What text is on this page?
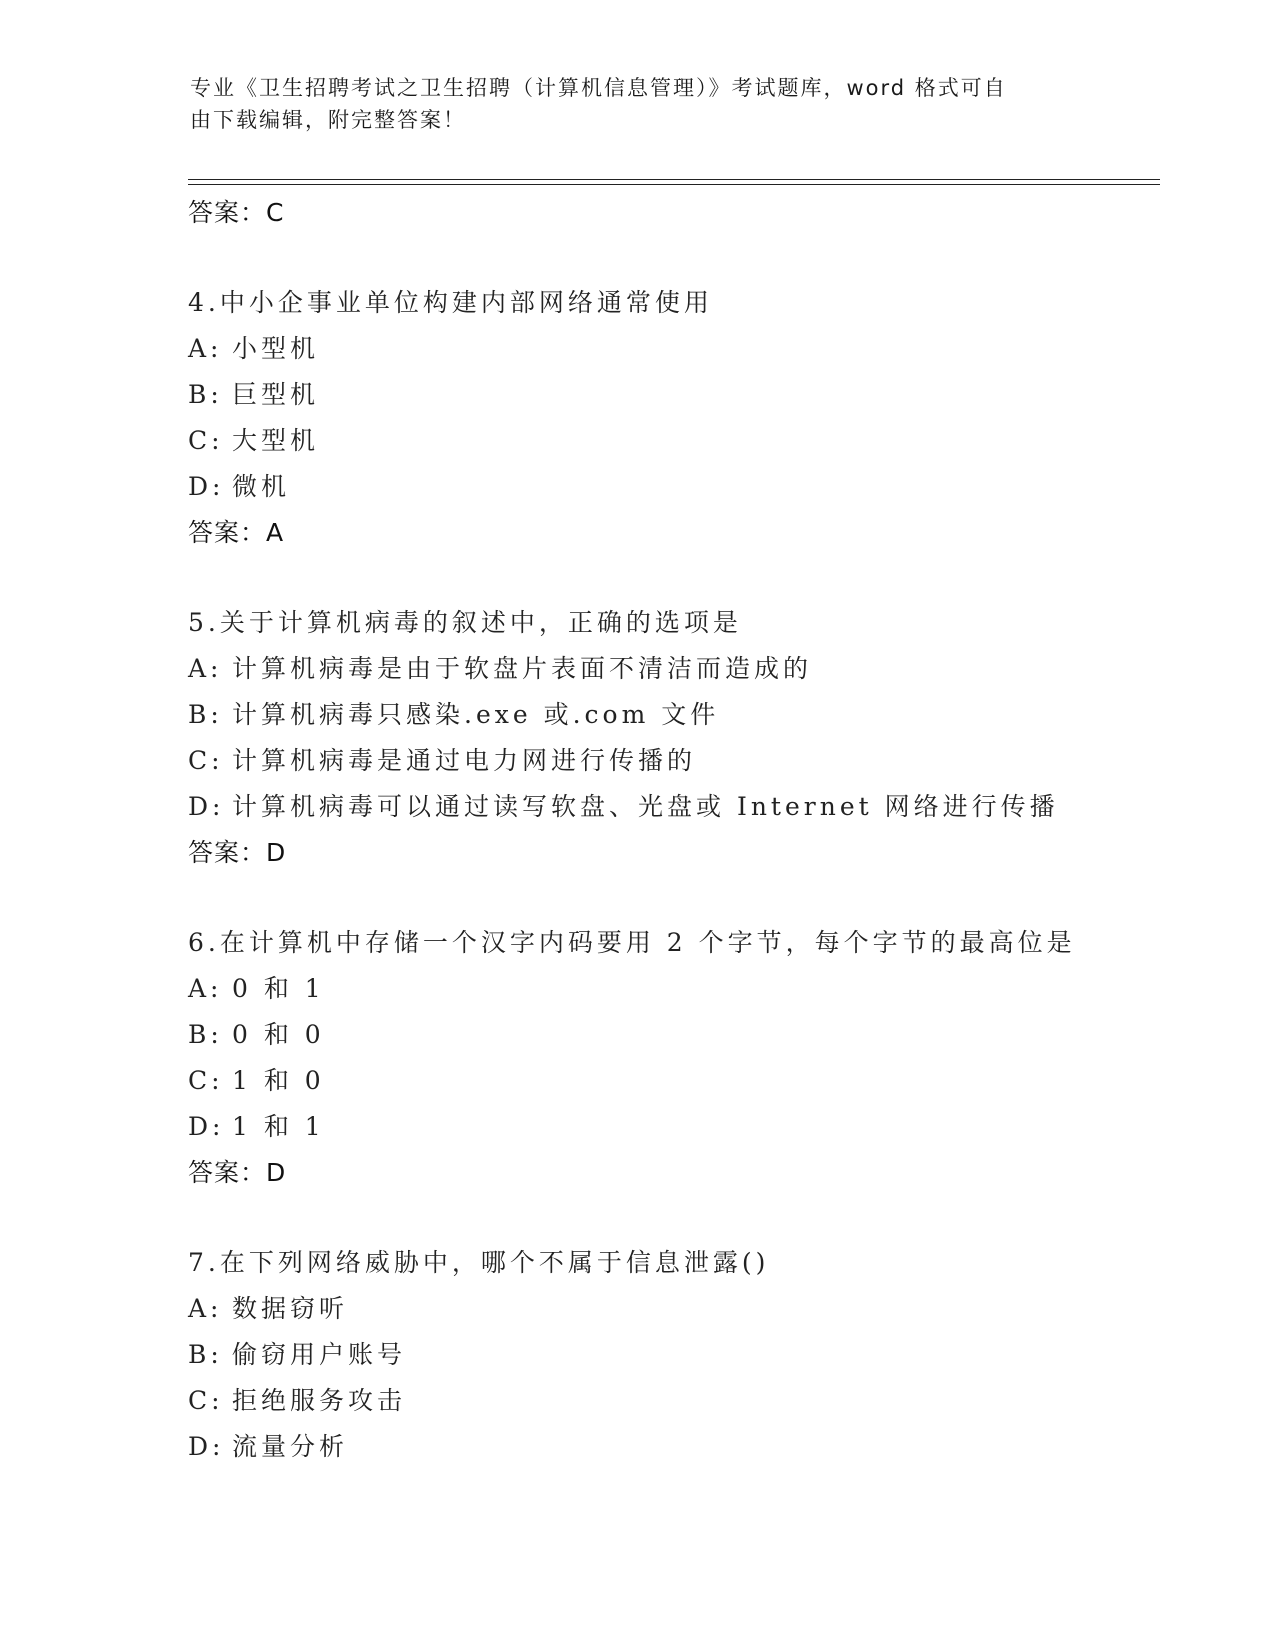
专业《卫生招聘考试之卫生招聘（计算机信息管理）》考试题库，word 格式可自
由下载编辑，附完整答案！
答案：C
4.中小企事业单位构建内部网络通常使用
A: 小型机
B: 巨型机
C: 大型机
D: 微机
答案：A
5.关于计算机病毒的叙述中，正确的选项是
A: 计算机病毒是由于软盘片表面不清洁而造成的
B: 计算机病毒只感染.exe 或.com 文件
C: 计算机病毒是通过电力网进行传播的
D: 计算机病毒可以通过读写软盘、光盘或 Internet 网络进行传播
答案：D
6.在计算机中存储一个汉字内码要用 2 个字节，每个字节的最高位是
A: 0 和 1
B: 0 和 0
C: 1 和 0
D: 1 和 1
答案：D
7.在下列网络威胁中，哪个不属于信息泄露()
A: 数据窃听
B: 偷窃用户账号
C: 拒绝服务攻击
D: 流量分析
